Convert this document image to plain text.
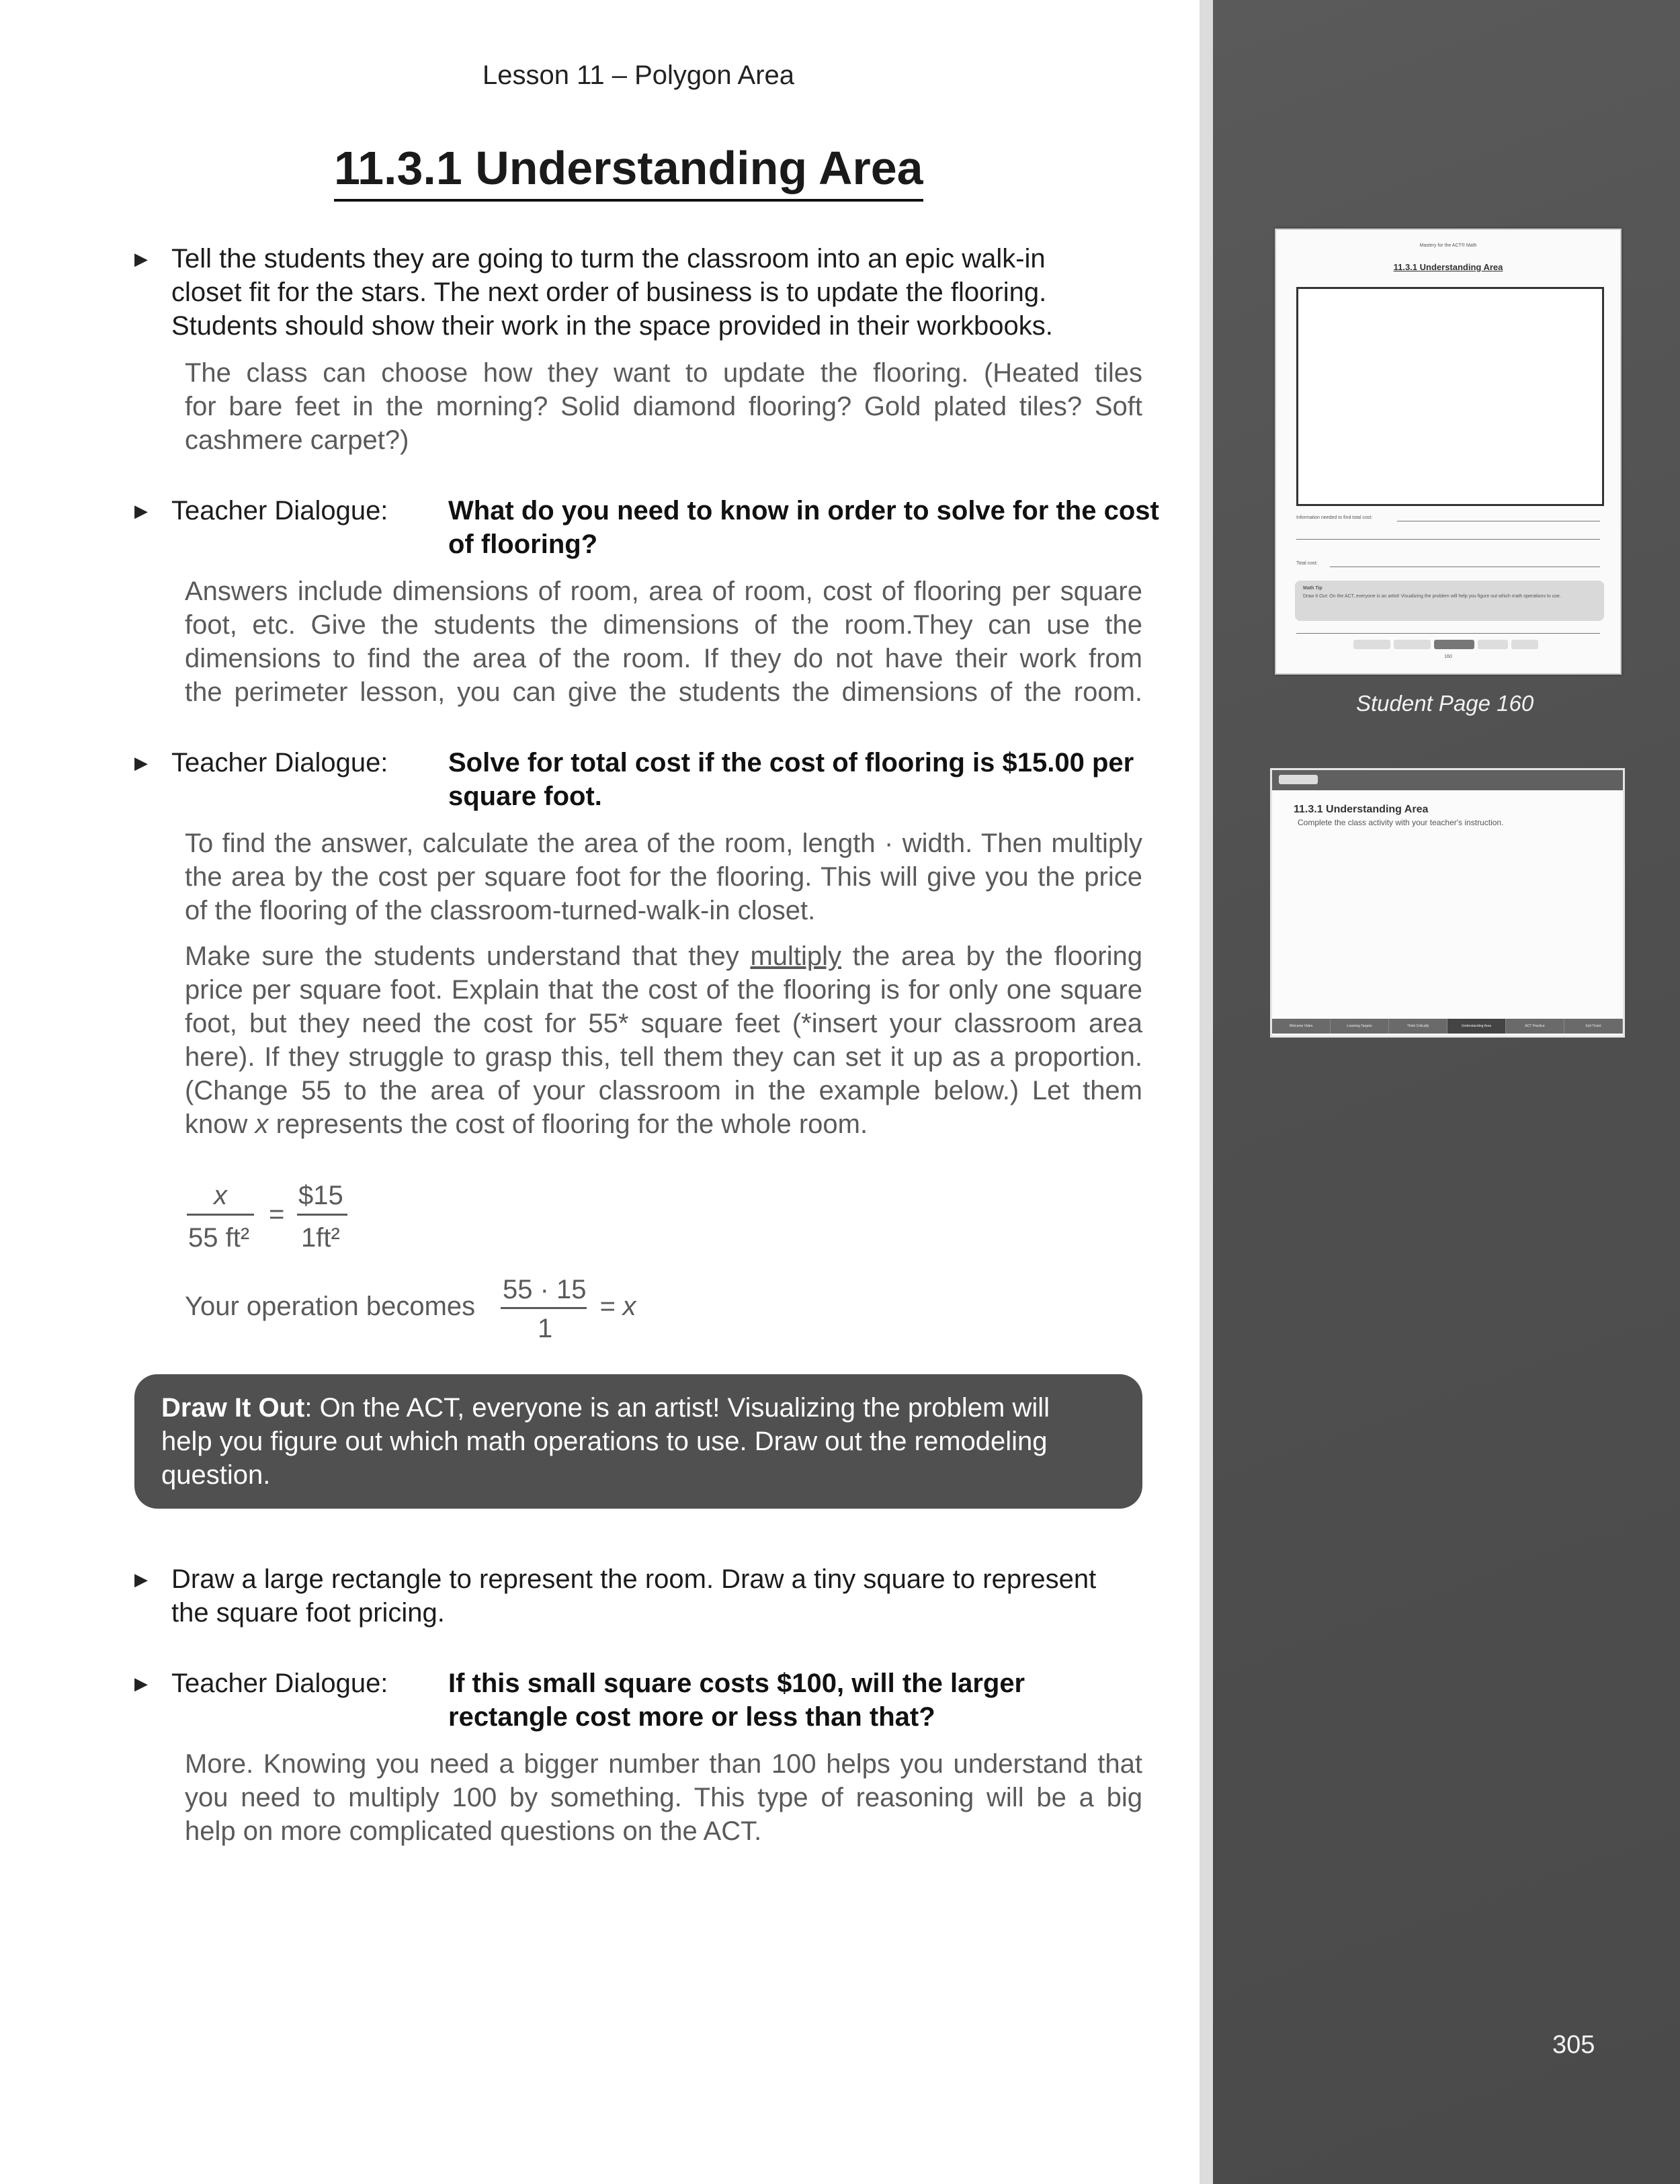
Mastery for the ACT® Math
11.3.1 Understanding Area
Information needed to find total cost:
Total cost:
Math Tip
Draw It Out: On the ACT, everyone is an artist! Visualizing the problem will help you figure out which math operations to use.
160
Student Page 160
11.3.1 Understanding Area
Complete the class activity with your teacher's instruction.
Welcome Video	Learning Targets	Think Critically	Understanding Area	ACT Practice	Exit Ticket
305
Lesson 11 – Polygon Area
11.3.1 Understanding Area
▶ Tell the students they are going to turm the classroom into an epic walk-in
closet fit for the stars. The next order of business is to update the flooring.
Students should show their work in the space provided in their workbooks.
The class can choose how they want to update the flooring. (Heated tiles
for bare feet in the morning? Solid diamond flooring? Gold plated tiles? Soft
cashmere carpet?)
▶ Teacher Dialogue: What do you need to know in order to solve for the cost
of flooring?
Answers include dimensions of room, area of room, cost of flooring per square
foot, etc. Give the students the dimensions of the room.They can use the
dimensions to find the area of the room. If they do not have their work from
the perimeter lesson, you can give the students the dimensions of the room.
▶ Teacher Dialogue: Solve for total cost if the cost of flooring is $15.00 per
square foot.
To find the answer, calculate the area of the room, length · width. Then multiply
the area by the cost per square foot for the flooring. This will give you the price
of the flooring of the classroom-turned-walk-in closet.
Make sure the students understand that they multiply the area by the flooring
price per square foot. Explain that the cost of the flooring is for only one square
foot, but they need the cost for 55* square feet (*insert your classroom area
here). If they struggle to grasp this, tell them they can set it up as a proportion.
(Change 55 to the area of your classroom in the example below.) Let them
know x represents the cost of flooring for the whole room.
x
55 ft²
=
$15
1ft²
Your operation becomes
55 · 15
1
= x
Draw It Out: On the ACT, everyone is an artist! Visualizing the problem will
help you figure out which math operations to use. Draw out the remodeling
question.
▶ Draw a large rectangle to represent the room. Draw a tiny square to represent
the square foot pricing.
▶ Teacher Dialogue: If this small square costs $100, will the larger
rectangle cost more or less than that?
More. Knowing you need a bigger number than 100 helps you understand that
you need to multiply 100 by something. This type of reasoning will be a big
help on more complicated questions on the ACT.
